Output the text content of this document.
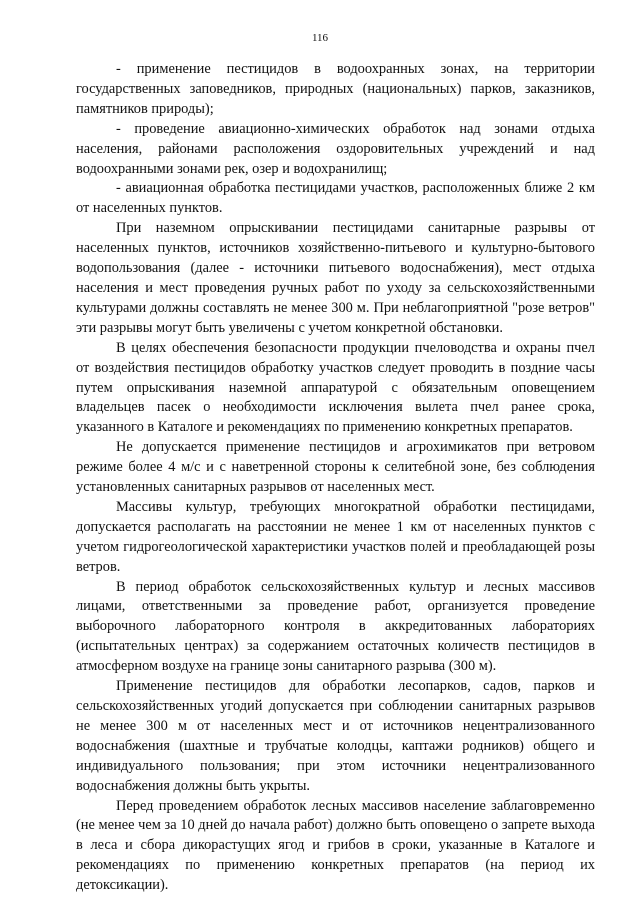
116

- применение пестицидов в водоохранных зонах, на территории государственных заповедников, природных (национальных) парков, заказников, памятников природы);

- проведение авиационно-химических обработок над зонами отдыха населения, районами расположения оздоровительных учреждений и над водоохранными зонами рек, озер и водохранилищ;

- авиационная обработка пестицидами участков, расположенных ближе 2 км от населенных пунктов.

При наземном опрыскивании пестицидами санитарные разрывы от населенных пунктов, источников хозяйственно-питьевого и культурно-бытового водопользования (далее - источники питьевого водоснабжения), мест отдыха населения и мест проведения ручных работ по уходу за сельскохозяйственными культурами должны составлять не менее 300 м. При неблагоприятной "розе ветров" эти разрывы могут быть увеличены с учетом конкретной обстановки.

В целях обеспечения безопасности продукции пчеловодства и охраны пчел от воздействия пестицидов обработку участков следует проводить в поздние часы путем опрыскивания наземной аппаратурой с обязательным оповещением владельцев пасек о необходимости исключения вылета пчел ранее срока, указанного в Каталоге и рекомендациях по применению конкретных препаратов.

Не допускается применение пестицидов и агрохимикатов при ветровом режиме более 4 м/с и с наветренной стороны к селитебной зоне, без соблюдения установленных санитарных разрывов от населенных мест.

Массивы культур, требующих многократной обработки пестицидами, допускается располагать на расстоянии не менее 1 км от населенных пунктов с учетом гидрогеологической характеристики участков полей и преобладающей розы ветров.

В период обработок сельскохозяйственных культур и лесных массивов лицами, ответственными за проведение работ, организуется проведение выборочного лабораторного контроля в аккредитованных лабораториях (испытательных центрах) за содержанием остаточных количеств пестицидов в атмосферном воздухе на границе зоны санитарного разрыва (300 м).

Применение пестицидов для обработки лесопарков, садов, парков и сельскохозяйственных угодий допускается при соблюдении санитарных разрывов не менее 300 м от населенных мест и от источников нецентрализованного водоснабжения (шахтные и трубчатые колодцы, каптажи родников) общего и индивидуального пользования; при этом источники нецентрализованного водоснабжения должны быть укрыты.

Перед проведением обработок лесных массивов население заблаговременно (не менее чем за 10 дней до начала работ) должно быть оповещено о запрете выхода в леса и сбора дикорастущих ягод и грибов в сроки, указанные в Каталоге и рекомендациях по применению конкретных препаратов (на период их детоксикации).
